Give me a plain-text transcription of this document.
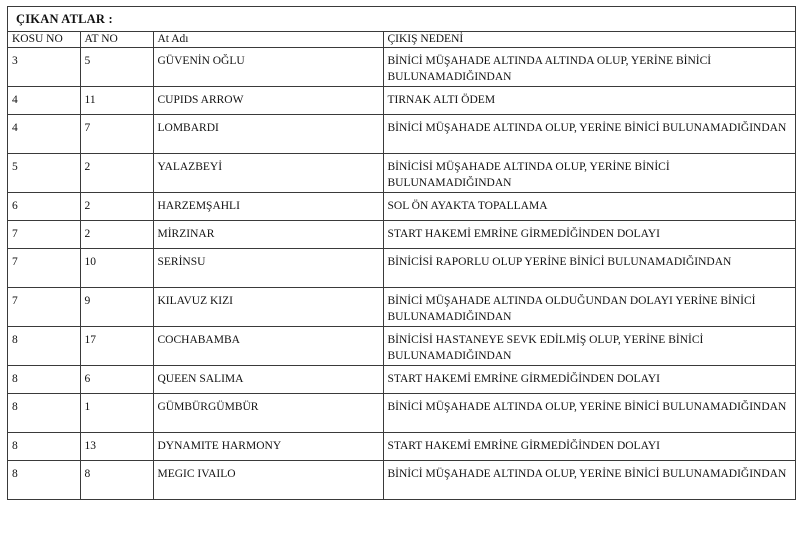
ÇIKAN ATLAR :
KOSU NO	AT NO	At Adı	ÇIKIŞ NEDENİ
3	5	GÜVENİN OĞLU	BİNİCİ MÜŞAHADE ALTINDA ALTINDA OLUP, YERİNE BİNİCİ BULUNAMADIĞINDAN
4	11	CUPIDS ARROW	TIRNAK ALTI ÖDEM
4	7	LOMBARDI	BİNİCİ MÜŞAHADE ALTINDA OLUP, YERİNE BİNİCİ BULUNAMADIĞINDAN
5	2	YALAZBEYİ	BİNİCİSİ MÜŞAHADE ALTINDA OLUP, YERİNE BİNİCİ BULUNAMADIĞINDAN
6	2	HARZEMŞAHLI	SOL ÖN AYAKTA TOPALLAMA
7	2	MİRZINAR	START HAKEMİ EMRİNE GİRMEDİĞİNDEN DOLAYI
7	10	SERİNSU	BİNİCİSİ RAPORLU OLUP YERİNE BİNİCİ BULUNAMADIĞINDAN
7	9	KILAVUZ KIZI	BİNİCİ MÜŞAHADE ALTINDA OLDUĞUNDAN DOLAYI YERİNE BİNİCİ BULUNAMADIĞINDAN
8	17	COCHABAMBA	BİNİCİSİ HASTANEYE SEVK EDİLMİŞ OLUP, YERİNE BİNİCİ BULUNAMADIĞINDAN
8	6	QUEEN SALIMA	START HAKEMİ EMRİNE GİRMEDİĞİNDEN DOLAYI
8	1	GÜMBÜRGÜMBÜR	BİNİCİ MÜŞAHADE ALTINDA OLUP, YERİNE BİNİCİ BULUNAMADIĞINDAN
8	13	DYNAMITE HARMONY	START HAKEMİ EMRİNE GİRMEDİĞİNDEN DOLAYI
8	8	MEGIC IVAILO	BİNİCİ MÜŞAHADE ALTINDA OLUP, YERİNE BİNİCİ BULUNAMADIĞINDAN
